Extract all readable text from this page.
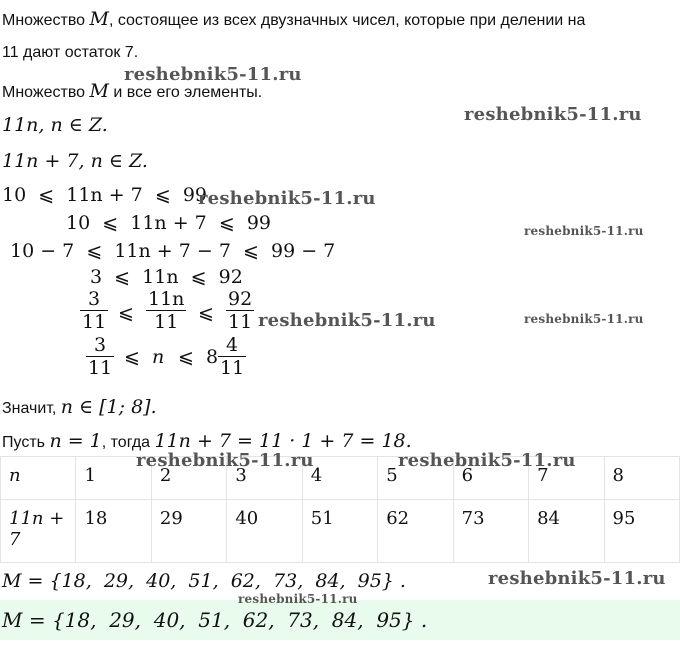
Множество M, состоящее из всех двузначных чисел, которые при делении на
11 дают остаток 7.
Множество M и все его элементы.
11n, n ∈ Z.
11n + 7, n ∈ Z.
10  ⩽  11n + 7  ⩽  99.
10  ⩽  11n + 7  ⩽  99
10 − 7  ⩽  11n + 7 − 7  ⩽  99 − 7
3  ⩽  11n  ⩽  92
3
11 ⩽
11n
11 ⩽
92
11
3
11 ⩽ n ⩽ 8
4
11
Значит, n ∈ [1; 8].
Пусть n = 1, тогда 11n + 7 = 11 · 1 + 7 = 18.
n	1	2	3	4	5	6	7	8
11n + 7	18	29	40	51	62	73	84	95
M = {18,  29,  40,  51,  62,  73,  84,  95} .
M = {18,  29,  40,  51,  62,  73,  84,  95} .
reshebnik5-11.ru
reshebnik5-11.ru
reshebnik5-11.ru
reshebnik5-11.ru
reshebnik5-11.ru	reshebnik5-11.ru
reshebnik5-11.ru	reshebnik5-11.ru
reshebnik5-11.ru
reshebnik5-11.ru
